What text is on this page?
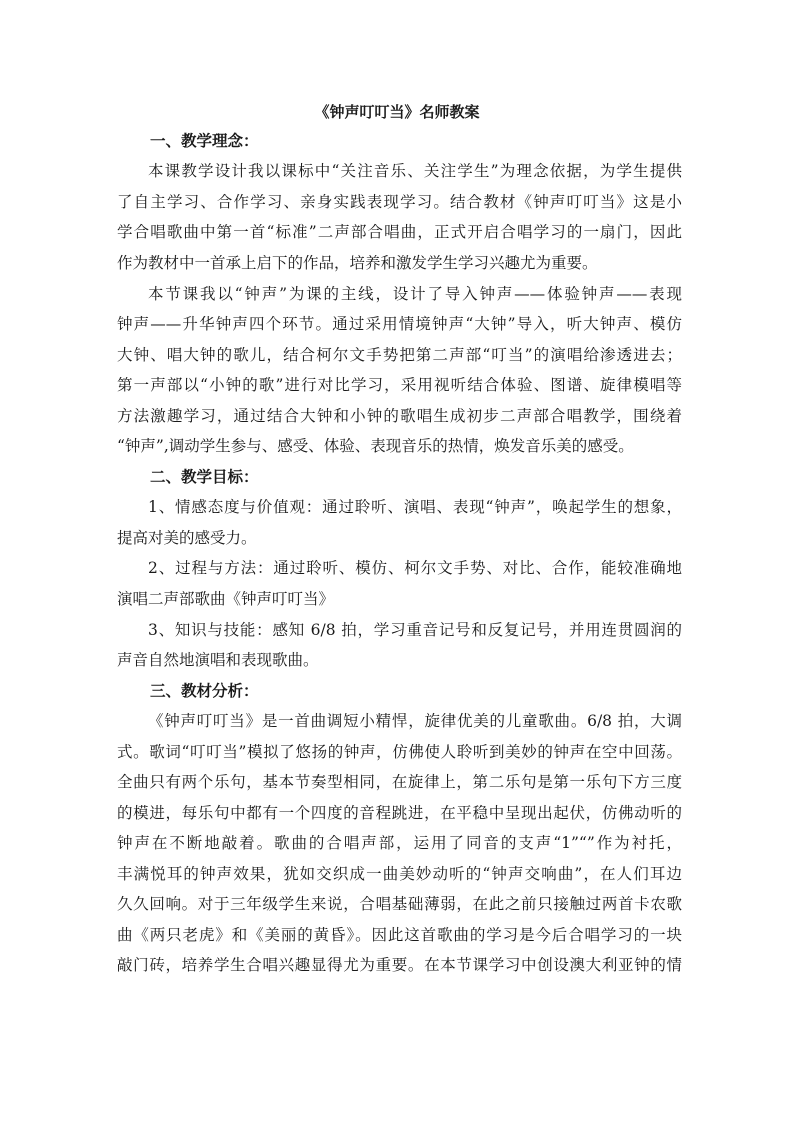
《钟声叮叮当》名师教案
一、教学理念：
本课教学设计我以课标中“关注音乐、关注学生”为理念依据，为学生提供
了自主学习、合作学习、亲身实践表现学习。结合教材《钟声叮叮当》这是小
学合唱歌曲中第一首“标准”二声部合唱曲，正式开启合唱学习的一扇门，因此
作为教材中一首承上启下的作品，培养和激发学生学习兴趣尤为重要。
本节课我以“钟声”为课的主线，设计了导入钟声——体验钟声——表现
钟声——升华钟声四个环节。通过采用情境钟声“大钟”导入，听大钟声、模仿
大钟、唱大钟的歌儿，结合柯尔文手势把第二声部“叮当”的演唱给渗透进去；
第一声部以“小钟的歌”进行对比学习，采用视听结合体验、图谱、旋律模唱等
方法激趣学习，通过结合大钟和小钟的歌唱生成初步二声部合唱教学，围绕着
“钟声”,调动学生参与、感受、体验、表现音乐的热情，焕发音乐美的感受。
二、教学目标：
1、情感态度与价值观：通过聆听、演唱、表现“钟声”，唤起学生的想象，
提高对美的感受力。
2、过程与方法：通过聆听、模仿、柯尔文手势、对比、合作，能较准确地
演唱二声部歌曲《钟声叮叮当》
3、知识与技能：感知 6/8 拍，学习重音记号和反复记号，并用连贯圆润的
声音自然地演唱和表现歌曲。
三、教材分析：
《钟声叮叮当》是一首曲调短小精悍，旋律优美的儿童歌曲。6/8 拍，大调
式。歌词“叮叮当”模拟了悠扬的钟声，仿佛使人聆听到美妙的钟声在空中回荡。
全曲只有两个乐句，基本节奏型相同，在旋律上，第二乐句是第一乐句下方三度
的模进，每乐句中都有一个四度的音程跳进，在平稳中呈现出起伏，仿佛动听的
钟声在不断地敲着。歌曲的合唱声部，运用了同音的支声“1”“”作为衬托，
丰满悦耳的钟声效果，犹如交织成一曲美妙动听的“钟声交响曲”，在人们耳边
久久回响。对于三年级学生来说，合唱基础薄弱，在此之前只接触过两首卡农歌
曲《两只老虎》和《美丽的黄昏》。因此这首歌曲的学习是今后合唱学习的一块
敲门砖，培养学生合唱兴趣显得尤为重要。在本节课学习中创设澳大利亚钟的情
